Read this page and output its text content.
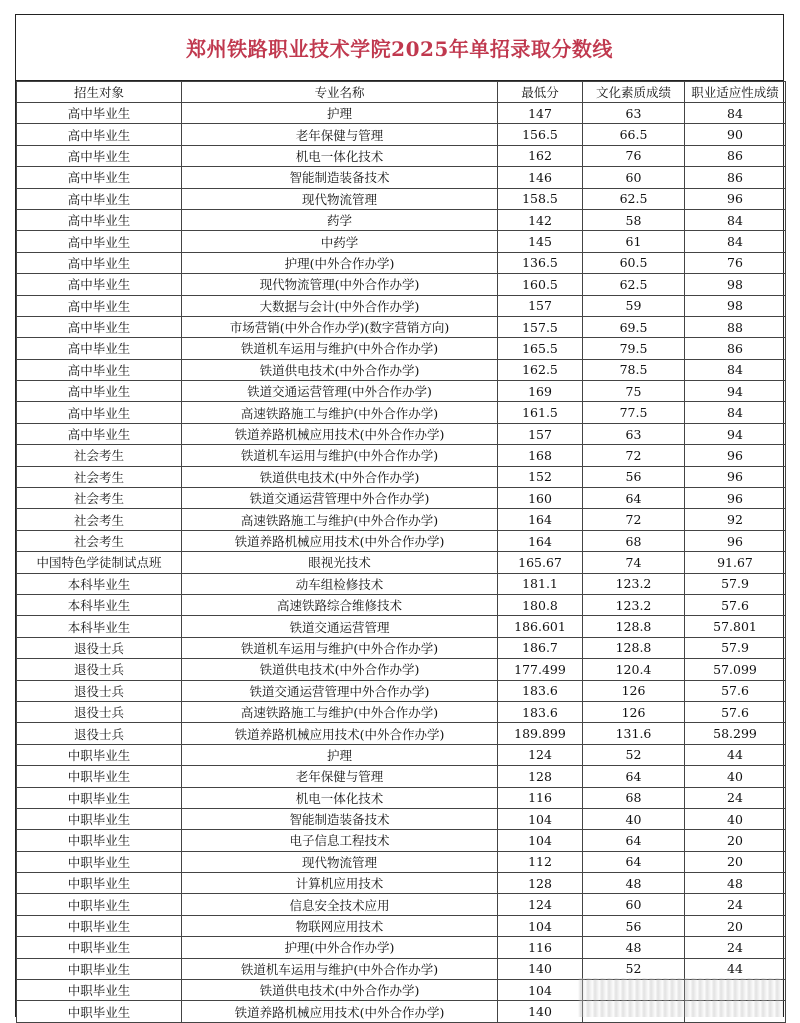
郑州铁路职业技术学院2025年单招录取分数线
招生对象	专业名称	最低分	文化素质成绩	职业适应性成绩
高中毕业生	护理	147	63	84
高中毕业生	老年保健与管理	156.5	66.5	90
高中毕业生	机电一体化技术	162	76	86
高中毕业生	智能制造装备技术	146	60	86
高中毕业生	现代物流管理	158.5	62.5	96
高中毕业生	药学	142	58	84
高中毕业生	中药学	145	61	84
高中毕业生	护理(中外合作办学)	136.5	60.5	76
高中毕业生	现代物流管理(中外合作办学)	160.5	62.5	98
高中毕业生	大数据与会计(中外合作办学)	157	59	98
高中毕业生	市场营销(中外合作办学)(数字营销方向)	157.5	69.5	88
高中毕业生	铁道机车运用与维护(中外合作办学)	165.5	79.5	86
高中毕业生	铁道供电技术(中外合作办学)	162.5	78.5	84
高中毕业生	铁道交通运营管理(中外合作办学)	169	75	94
高中毕业生	高速铁路施工与维护(中外合作办学)	161.5	77.5	84
高中毕业生	铁道养路机械应用技术(中外合作办学)	157	63	94
社会考生	铁道机车运用与维护(中外合作办学)	168	72	96
社会考生	铁道供电技术(中外合作办学)	152	56	96
社会考生	铁道交通运营管理中外合作办学)	160	64	96
社会考生	高速铁路施工与维护(中外合作办学)	164	72	92
社会考生	铁道养路机械应用技术(中外合作办学)	164	68	96
中国特色学徒制试点班	眼视光技术	165.67	74	91.67
本科毕业生	动车组检修技术	181.1	123.2	57.9
本科毕业生	高速铁路综合维修技术	180.8	123.2	57.6
本科毕业生	铁道交通运营管理	186.601	128.8	57.801
退役士兵	铁道机车运用与维护(中外合作办学)	186.7	128.8	57.9
退役士兵	铁道供电技术(中外合作办学)	177.499	120.4	57.099
退役士兵	铁道交通运营管理中外合作办学)	183.6	126	57.6
退役士兵	高速铁路施工与维护(中外合作办学)	183.6	126	57.6
退役士兵	铁道养路机械应用技术(中外合作办学)	189.899	131.6	58.299
中职毕业生	护理	124	52	44
中职毕业生	老年保健与管理	128	64	40
中职毕业生	机电一体化技术	116	68	24
中职毕业生	智能制造装备技术	104	40	40
中职毕业生	电子信息工程技术	104	64	20
中职毕业生	现代物流管理	112	64	20
中职毕业生	计算机应用技术	128	48	48
中职毕业生	信息安全技术应用	124	60	24
中职毕业生	物联网应用技术	104	56	20
中职毕业生	护理(中外合作办学)	116	48	24
中职毕业生	铁道机车运用与维护(中外合作办学)	140	52	44
中职毕业生	铁道供电技术(中外合作办学)	104		
中职毕业生	铁道养路机械应用技术(中外合作办学)	140		
